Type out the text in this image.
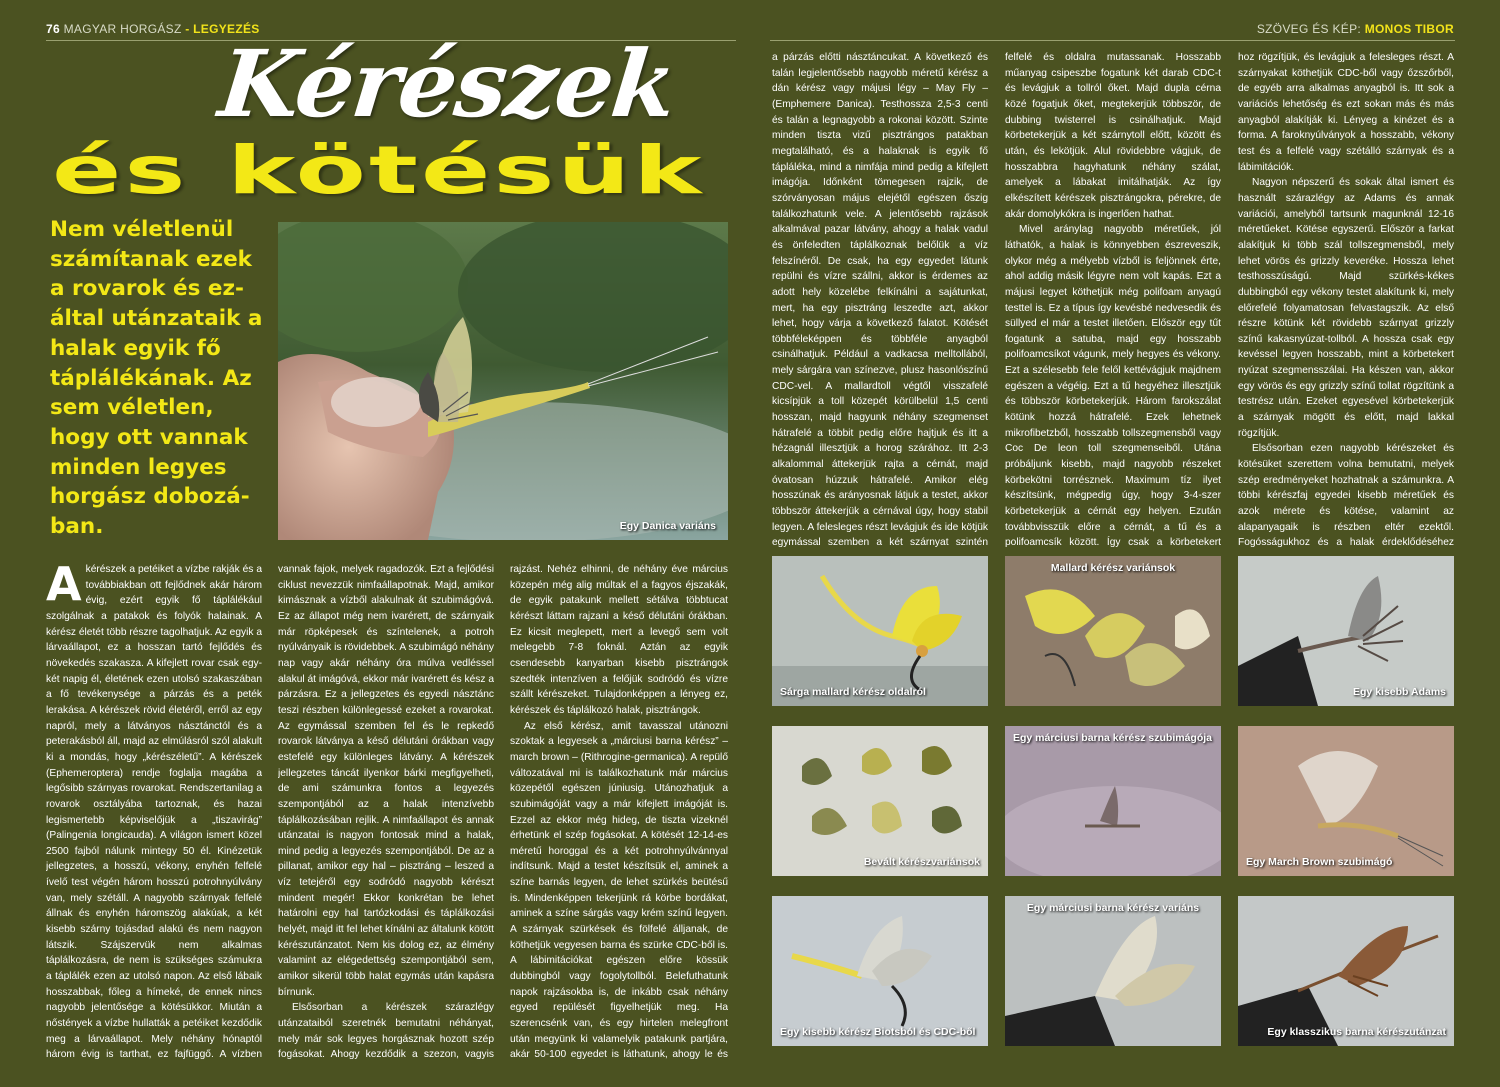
76 MAGYAR HORGÁSZ - LEGYEZÉS	SZÖVEG ÉS KÉP: MONOS TIBOR
Kérészek
és kötésük
Nem véletlenül számítanak ezek a rovarok és ez-által utánzataik a halak egyik fő táplálékának. Az sem véletlen, hogy ott vannak minden legyes horgász dobozá-ban.	Egy Danica variáns

A kérészek a petéiket a vízbe rakják és a továbbiakban ott fejlődnek akár három évig, ezért egyik fő táplálékául szolgálnak a patakok és folyók halainak. A kérész életét több részre tagolhatjuk. Az egyik a lárvaállapot, ez a hosszan tartó fejlődés és növekedés szakasza. A kifejlett rovar csak egy-két napig él, életének ezen utolsó szakaszában a fő tevékenysége a párzás és a peték lerakása. A kérészek rövid életéről, erről az egy napról, mely a látványos násztánctól és a peterakásból áll, majd az elmúlásról szól alakult ki a mondás, hogy „kérészéletű”. A kérészek (Ephemeroptera) rendje foglalja magába a legősibb szárnyas rovarokat. Rendszertanilag a rovarok osztályába tartoznak, és hazai legismertebb képviselőjük a „tiszavirág” (Palingenia longicauda). A világon ismert közel 2500 fajból nálunk mintegy 50 él. Kinézetük jellegzetes, a hosszú, vékony, enyhén felfelé ívelő test végén három hosszú potrohnyúlvány van, mely szétáll. A nagyobb szárnyak felfelé állnak és enyhén háromszög alakúak, a két kisebb szárny tojásdad alakú és nem nagyon látszik. Szájszervük nem alkalmas táplálkozásra, de nem is szükséges számukra a táplálék ezen az utolsó napon. Az első lábaik hosszabbak, főleg a hímeké, de ennek nincs nagyobb jelentősége a kötésükkor. Miután a nőstények a vízbe hullatták a petéiket kezdődik meg a lárvaállapot. Mely néhány hónaptól három évig is tarthat, ez fajfüggő. A vízben

vannak fajok, melyek ragadozók. Ezt a fejlődési ciklust nevezzük nimfaállapotnak. Majd, amikor kimásznak a vízből alakulnak át szubimágóvá. Ez az állapot még nem ivarérett, de szárnyaik már röpképesek és színtelenek, a potroh nyúlványaik is rövidebbek. A szubimágó néhány nap vagy akár néhány óra múlva vedléssel alakul át imágóvá, ekkor már ivarérett és kész a párzásra. Ez a jellegzetes és egyedi násztánc teszi részben különlegessé ezeket a rovarokat. Az egymással szemben fel és le repkedő rovarok látványa a késő délutáni órákban vagy estefelé egy különleges látvány. A kérészek jellegzetes táncát ilyenkor bárki megfigyelheti, de ami számunkra fontos a legyezés szempontjából az a halak intenzívebb táplálkozásában rejlik. A nimfaállapot és annak utánzatai is nagyon fontosak mind a halak, mind pedig a legyezés szempontjából. De az a pillanat, amikor egy hal – pisztráng – leszed a víz tetejéről egy sodródó nagyobb kérészt mindent megér! Ekkor konkrétan be lehet határolni egy hal tartózkodási és táplálkozási helyét, majd itt fel lehet kínálni az általunk kötött kérészutánzatot. Nem kis dolog ez, az élmény valamint az elégedettség szempontjából sem, amikor sikerül több halat egymás után kapásra bírnunk.

Elsősorban a kérészek szárazlégy utánzataiból szeretnék bemutatni néhányat, mely már sok legyes horgásznak hozott szép fogásokat. Ahogy kezdődik a szezon, vagyis

rajzást. Nehéz elhinni, de néhány éve március közepén még alig múltak el a fagyos éjszakák, de egyik patakunk mellett sétálva többtucat kérészt láttam rajzani a késő délutáni órákban. Ez kicsit meglepett, mert a levegő sem volt melegebb 7-8 foknál. Aztán az egyik csendesebb kanyarban kisebb pisztrángok szedték intenzíven a felőjük sodródó és vízre szállt kérészeket. Tulajdonképpen a lényeg ez, kérészek és táplálkozó halak, pisztrángok.

Az első kérész, amit tavasszal utánozni szoktak a legyesek a „márciusi barna kérész” – march brown – (Rithrogine-germanica). A repülő változatával mi is találkozhatunk már március közepétől egészen júniusig. Utánozhatjuk a szubimágóját vagy a már kifejlett imágóját is. Ezzel az ekkor még hideg, de tiszta vizeknél érhetünk el szép fogásokat. A kötését 12-14-es méretű horoggal és a két potrohnyúlvánnyal indítsunk. Majd a testet készítsük el, aminek a színe barnás legyen, de lehet szürkés beütésű is. Mindenképpen tekerjünk rá körbe bordákat, aminek a színe sárgás vagy krém színű legyen. A szárnyak szürkések és fölfelé álljanak, de köthetjük vegyesen barna és szürke CDC-ből is. A lábimitációkat egészen előre kössük dubbingból vagy fogolytollból. Belefuthatunk napok rajzásokba is, de inkább csak néhány egyed repülését figyelhetjük meg. Ha szerencsénk van, és egy hirtelen melegfront után megyünk ki valamelyik patakunk partjára, akár 50-100 egyedet is láthatunk, ahogy le és

a párzás előtti násztáncukat. A következő és talán legjelentősebb nagyobb méretű kérész a dán kérész vagy májusi légy – May Fly – (Emphemere Danica). Testhossza 2,5-3 centi és talán a legnagyobb a rokonai között. Szinte minden tiszta vizű pisztrángos patakban megtalálható, és a halaknak is egyik fő tápláléka, mind a nimfája mind pedig a kifejlett imágója. Időnként tömegesen rajzik, de szórványosan május elejétől egészen őszig találkozhatunk vele. A jelentősebb rajzások alkalmával pazar látvány, ahogy a halak vadul és önfeledten táplálkoznak belőlük a víz felszínéről. De csak, ha egy egyedet látunk repülni és vízre szállni, akkor is érdemes az adott hely közelébe felkínálni a sajátunkat, mert, ha egy pisztráng leszedte azt, akkor lehet, hogy várja a következő falatot. Kötését többféleképpen és többféle anyagból csinálhatjuk. Például a vadkacsa melltollából, mely sárgára van színezve, plusz hasonlószínű CDC-vel. A mallardtoll végtől visszafelé kicsípjük a toll közepét körülbelül 1,5 centi hosszan, majd hagyunk néhány szegmenset hátrafelé a többit pedig előre hajtjuk és itt a hézagnál illesztjük a horog szárához. Itt 2-3 alkalommal áttekerjük rajta a cérnát, majd óvatosan húzzuk hátrafelé. Amikor elég hosszúnak és arányosnak látjuk a testet, akkor többször áttekerjük a cérnával úgy, hogy stabil legyen. A felesleges részt levágjuk és ide kötjük egymással szemben a két szárnyat szintén

felfelé és oldalra mutassanak. Hosszabb műanyag csipeszbe fogatunk két darab CDC-t és levágjuk a tollról őket. Majd dupla cérna közé fogatjuk őket, megtekerjük többször, de dubbing twisterrel is csinálhatjuk. Majd körbetekerjük a két szárnytoll előtt, között és után, és lekötjük. Alul rövidebbre vágjuk, de hosszabbra hagyhatunk néhány szálat, amelyek a lábakat imitálhatják. Az így elkészített kérészek pisztrángokra, pérekre, de akár domolykókra is ingerlően hathat.

Mivel aránylag nagyobb méretűek, jól láthatók, a halak is könnyebben észreveszik, olykor még a mélyebb vízből is feljönnek érte, ahol addig másik légyre nem volt kapás. Ezt a májusi legyet köthetjük még polifoam anyagú testtel is. Ez a típus így kevésbé nedvesedik és süllyed el már a testet illetően. Először egy tűt fogatunk a satuba, majd egy hosszabb polifoamcsíkot vágunk, mely hegyes és vékony. Ezt a szélesebb fele felől kettévágjuk majdnem egészen a végéig. Ezt a tű hegyéhez illesztjük és többször körbetekerjük. Három farokszálat kötünk hozzá hátrafelé. Ezek lehetnek mikrofibetzből, hosszabb tollszegmensből vagy Coc De leon toll szegmenseiből. Utána próbáljunk kisebb, majd nagyobb részeket körbekötni torrésznek. Maximum tíz ilyet készítsünk, mégpedig úgy, hogy 3-4-szer körbetekerjük a cérnát egy helyen. Ezután továbbvisszük előre a cérnát, a tű és a polifoamcsík között. Így csak a körbetekert

hoz rögzítjük, és levágjuk a felesleges részt. A szárnyakat köthetjük CDC-ből vagy őzszőrből, de egyéb arra alkalmas anyagból is. Itt sok a variációs lehetőség és ezt sokan más és más anyagból alakítják ki. Lényeg a kinézet és a forma. A faroknyúlványok a hosszabb, vékony test és a felfelé vagy szétálló szárnyak és a lábimitációk.

Nagyon népszerű és sokak által ismert és használt szárazlégy az Adams és annak variációi, amelyből tartsunk magunknál 12-16 méretűeket. Kötése egyszerű. Először a farkat alakítjuk ki több szál tollszegmensből, mely lehet vörös és grizzly keveréke. Hossza lehet testhosszúságú. Majd szürkés-kékes dubbingból egy vékony testet alakítunk ki, mely előrefelé folyamatosan felvastagszik. Az első részre kötünk két rövidebb szárnyat grizzly színű kakasnyúzat-tollból. A hossza csak egy kevéssel legyen hosszabb, mint a körbetekert nyúzat szegmensszálai. Ha készen van, akkor egy vörös és egy grizzly színű tollat rögzítünk a testrész után. Ezeket egyesével körbetekerjük a szárnyak mögött és előtt, majd lakkal rögzítjük.

Elsősorban ezen nagyobb kérészeket és kötésüket szerettem volna bemutatni, melyek szép eredményeket hozhatnak a számunkra. A többi kérészfaj egyedei kisebb méretűek és azok mérete és kötése, valamint az alapanyagaik is részben eltér ezektől. Fogósságukhoz és a halak érdeklődéséhez

Sárga mallard kérész oldalról
Mallard kérész variánsok
Egy kisebb Adams
Bevált kérészvariánsok
Egy márciusi barna kérész szubimágója
Egy March Brown szubimágó
Egy kisebb kérész Biotsból és CDC-ből
Egy márciusi barna kérész variáns
Egy klasszikus barna kérészutánzat
